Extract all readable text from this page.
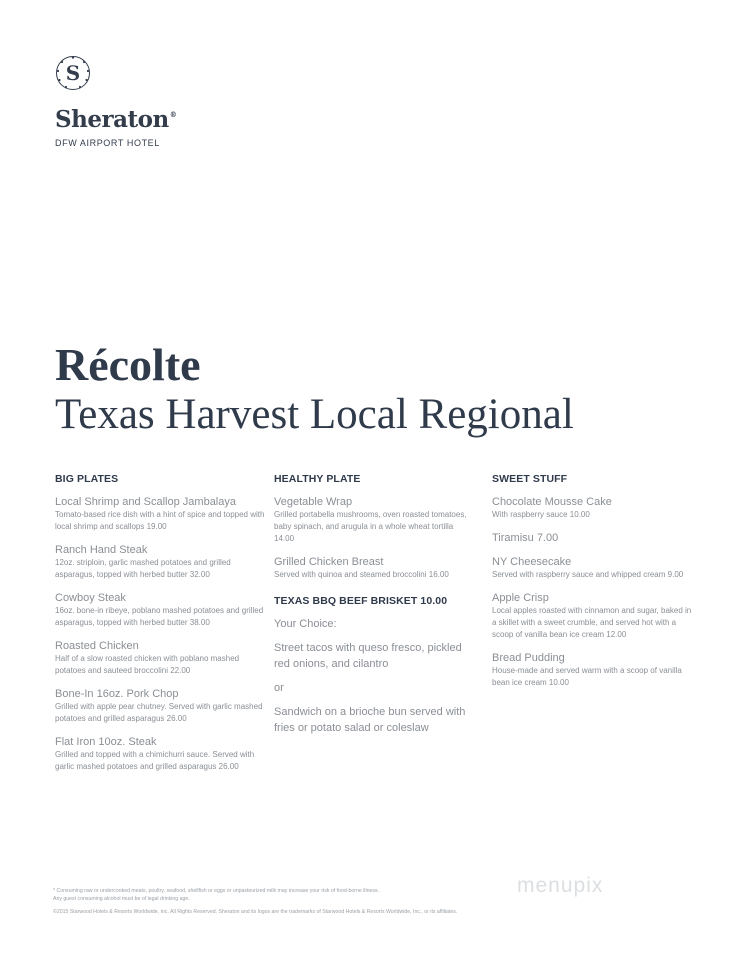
S
Sheraton®
DFW AIRPORT HOTEL
Récolte
Texas Harvest Local Regional
BIG PLATES
Local Shrimp and Scallop Jambalaya
Tomato-based rice dish with a hint of spice and topped with local shrimp and scallops 19.00
Ranch Hand Steak
12oz. striploin, garlic mashed potatoes and grilled asparagus, topped with herbed butter 32.00
Cowboy Steak
16oz. bone-in ribeye, poblano mashed potatoes and grilled asparagus, topped with herbed butter 38.00
Roasted Chicken
Half of a slow roasted chicken with poblano mashed potatoes and sauteed broccolini 22.00
Bone-In 16oz. Pork Chop
Grilled with apple pear chutney. Served with garlic mashed potatoes and grilled asparagus 26.00
Flat Iron 10oz. Steak
Grilled and topped with a chimichurri sauce. Served with garlic mashed potatoes and grilled asparagus 26.00
HEALTHY PLATE
Vegetable Wrap
Grilled portabella mushrooms, oven roasted tomatoes, baby spinach, and arugula in a whole wheat tortilla 14.00
Grilled Chicken Breast
Served with quinoa and steamed broccolini 16.00
TEXAS BBQ BEEF BRISKET 10.00
Your Choice:
Street tacos with queso fresco, pickled red onions, and cilantro
or
Sandwich on a brioche bun served with fries or potato salad or coleslaw
SWEET STUFF
Chocolate Mousse Cake
With raspberry sauce 10.00
Tiramisu 7.00
NY Cheesecake
Served with raspberry sauce and whipped cream 9.00
Apple Crisp
Local apples roasted with cinnamon and sugar, baked in a skillet with a sweet crumble, and served hot with a scoop of vanilla bean ice cream 12.00
Bread Pudding
House-made and served warm with a scoop of vanilla bean ice cream 10.00
menupix
* Consuming raw or undercooked meats, poultry, seafood, shellfish or eggs or unpasteurized milk may increase your risk of food-borne illness.
Any guest consuming alcohol must be of legal drinking age.
©2015 Starwood Hotels & Resorts Worldwide, Inc. All Rights Reserved. Sheraton and its logos are the trademarks of Starwood Hotels & Resorts Worldwide, Inc., or its affiliates.
